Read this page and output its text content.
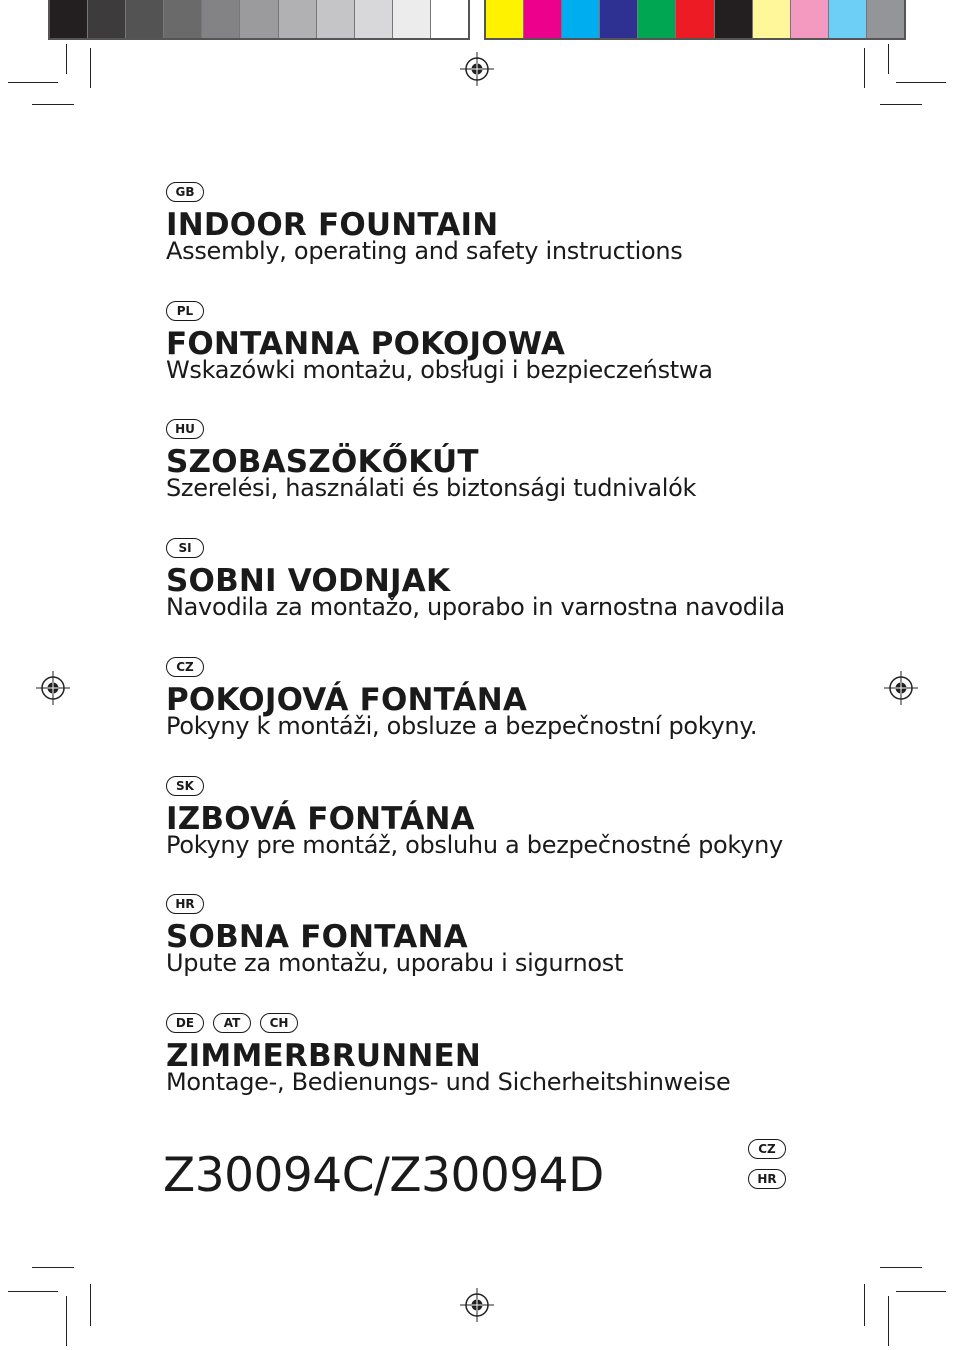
GB
INDOOR FOUNTAIN
Assembly, operating and safety instructions
PL
FONTANNA POKOJOWA
Wskazówki montażu, obsługi i bezpieczeństwa
HU
SZOBASZÖKŐKÚT
Szerelési, használati és biztonsági tudnivalók
SI
SOBNI VODNJAK
Navodila za montažo, uporabo in varnostna navodila
CZ
POKOJOVÁ FONTÁNA
Pokyny k montáži, obsluze a bezpečnostní pokyny.
SK
IZBOVÁ FONTÁNA
Pokyny pre montáž, obsluhu a bezpečnostné pokyny
HR
SOBNA FONTANA
Upute za montažu, uporabu i sigurnost
DE	AT	CH
ZIMMERBRUNNEN
Montage-, Bedienungs- und Sicherheitshinweise
Z30094C/Z30094D	CZ
HR
